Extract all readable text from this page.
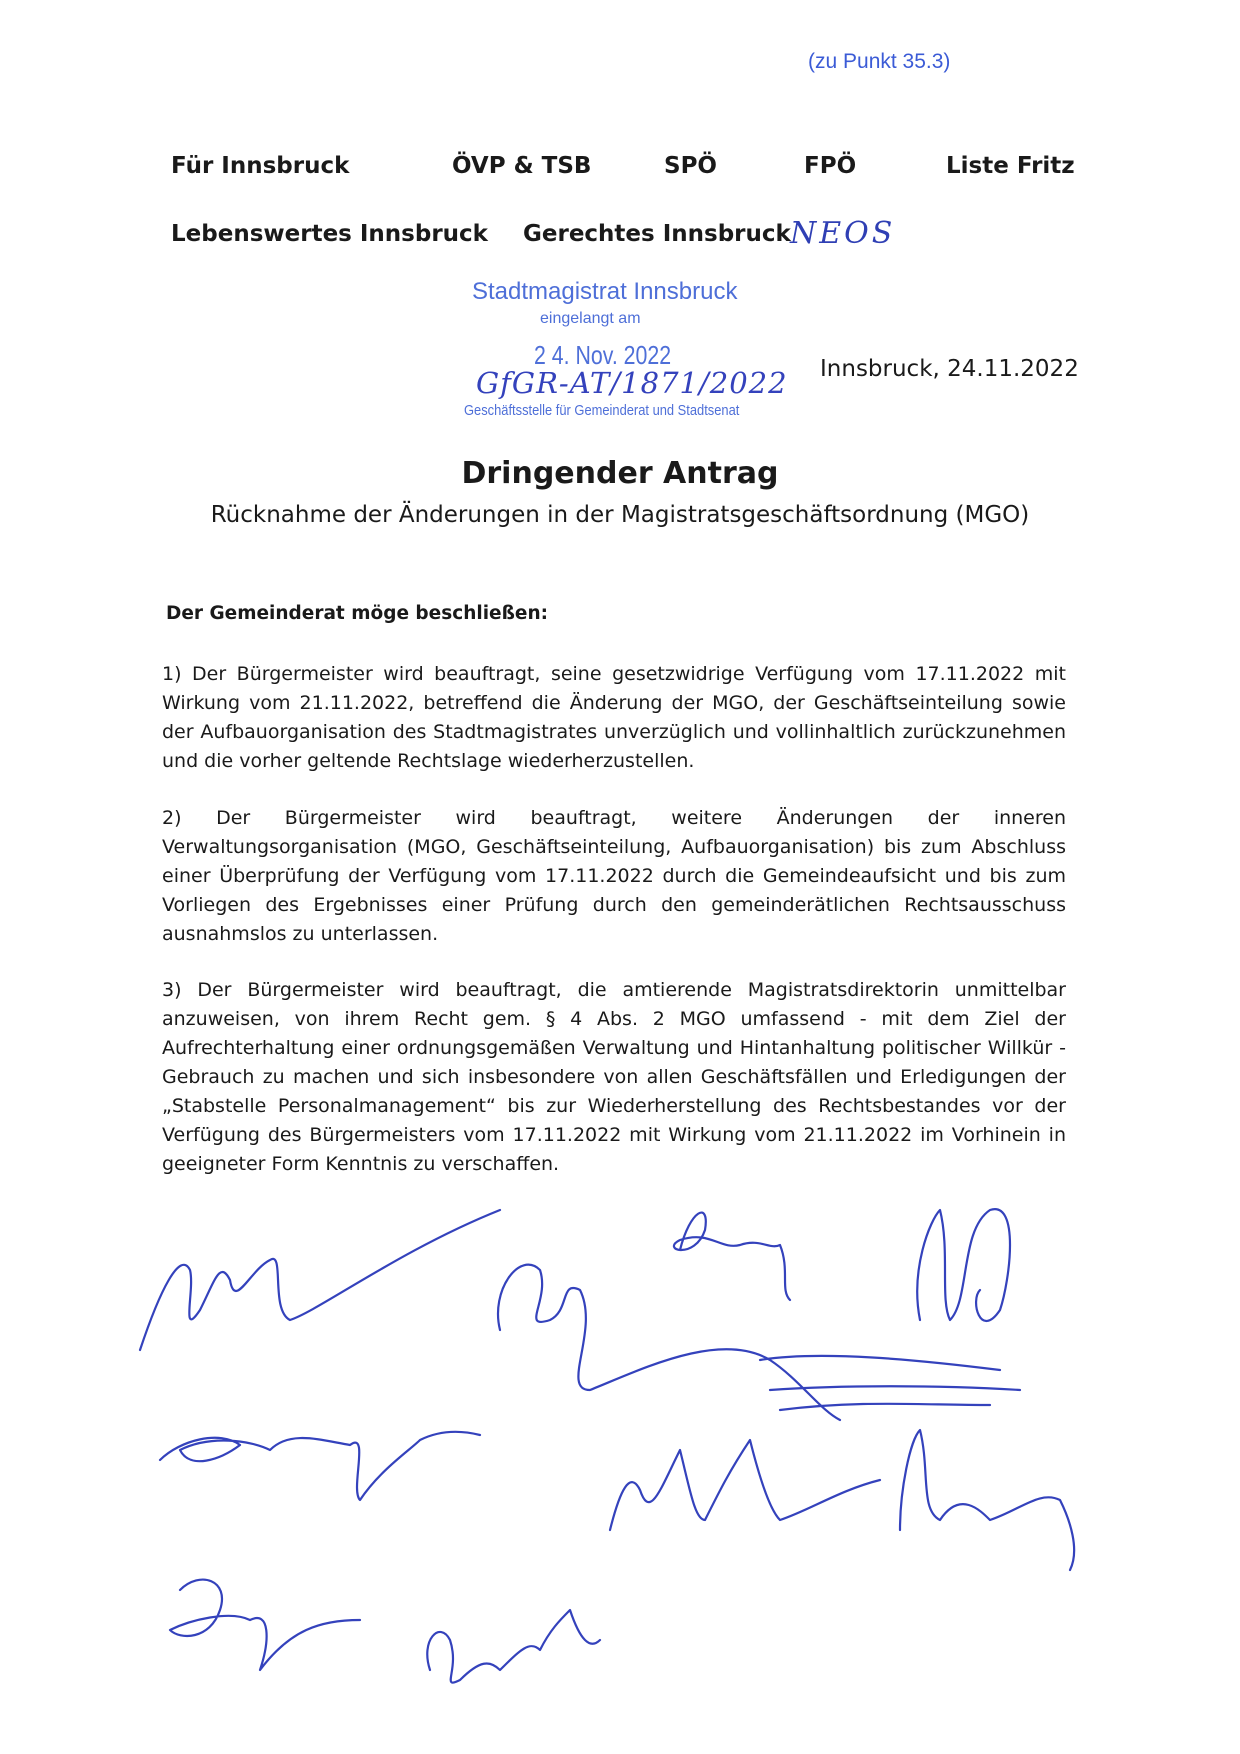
(zu Punkt 35.3)
Für Innsbruck	ÖVP & TSB	SPÖ	FPÖ	Liste Fritz
Lebenswertes Innsbruck Gerechtes Innsbruck NEOS
Stadtmagistrat Innsbruck
eingelangt am
2 4. Nov. 2022
GfGR-AT/1871/2022
Geschäftsstelle für Gemeinderat und Stadtsenat
Innsbruck, 24.11.2022
Dringender Antrag
Rücknahme der Änderungen in der Magistratsgeschäftsordnung (MGO)
Der Gemeinderat möge beschließen:
1) Der Bürgermeister wird beauftragt, seine gesetzwidrige Verfügung vom 17.11.2022 mit Wirkung vom 21.11.2022, betreffend die Änderung der MGO, der Geschäftseinteilung sowie der Aufbauorganisation des Stadtmagistrates unverzüglich und vollinhaltlich zurückzunehmen und die vorher geltende Rechtslage wiederherzustellen.
2) Der Bürgermeister wird beauftragt, weitere Änderungen der inneren Verwaltungsorganisation (MGO, Geschäftseinteilung, Aufbauorganisation) bis zum Abschluss einer Überprüfung der Verfügung vom 17.11.2022 durch die Gemeindeaufsicht und bis zum Vorliegen des Ergebnisses einer Prüfung durch den gemeinderätlichen Rechtsausschuss ausnahmslos zu unterlassen.
3) Der Bürgermeister wird beauftragt, die amtierende Magistratsdirektorin unmittelbar anzuweisen, von ihrem Recht gem. § 4 Abs. 2 MGO umfassend - mit dem Ziel der Aufrechterhaltung einer ordnungsgemäßen Verwaltung und Hintanhaltung politischer Willkür - Gebrauch zu machen und sich insbesondere von allen Geschäftsfällen und Erledigungen der „Stabstelle Personalmanagement“ bis zur Wiederherstellung des Rechtsbestandes vor der Verfügung des Bürgermeisters vom 17.11.2022 mit Wirkung vom 21.11.2022 im Vorhinein in geeigneter Form Kenntnis zu verschaffen.
